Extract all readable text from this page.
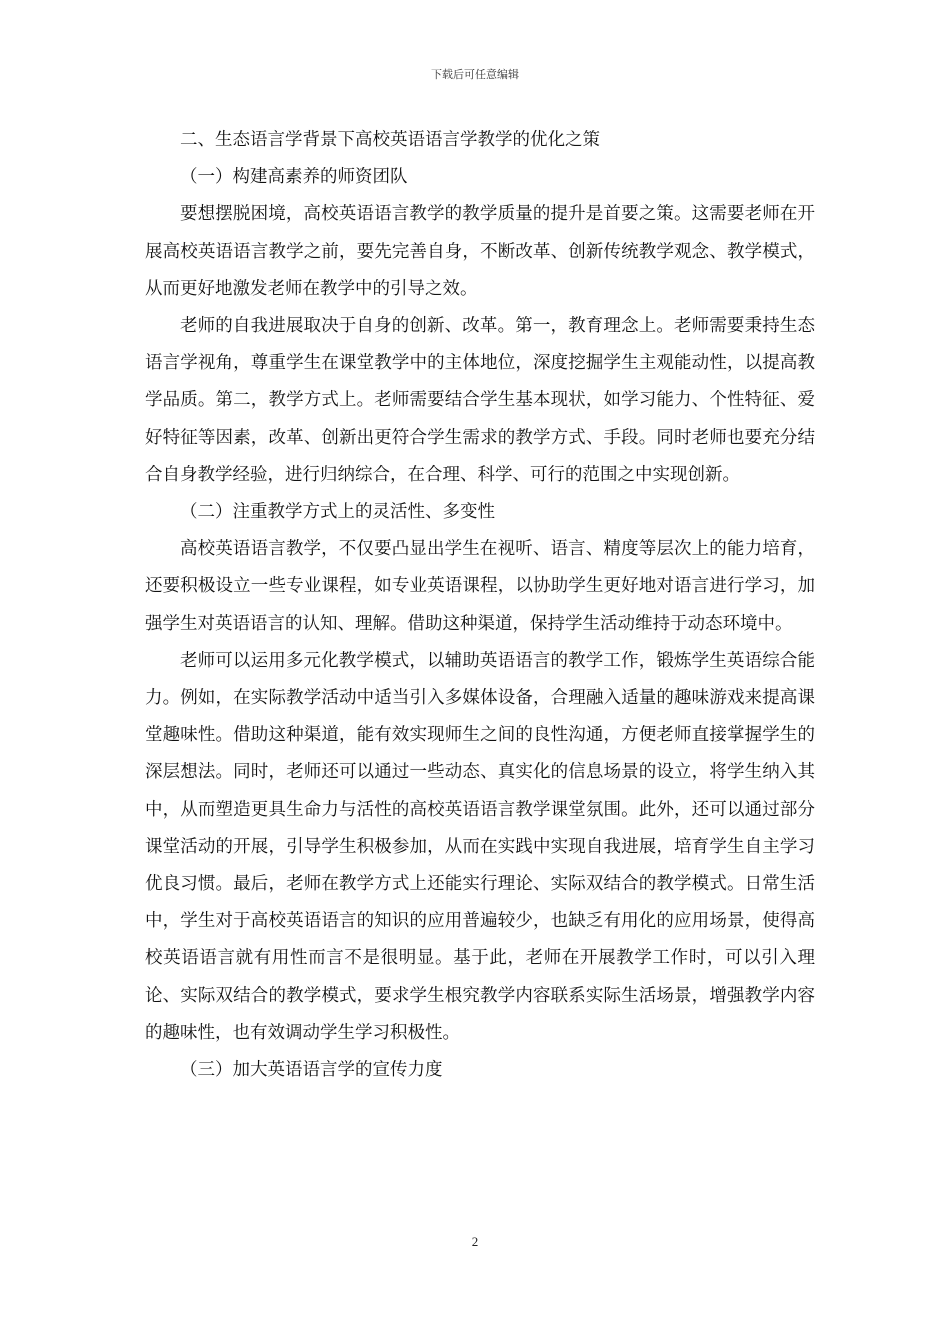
下载后可任意编辑

二、生态语言学背景下高校英语语言学教学的优化之策

（一）构建高素养的师资团队

要想摆脱困境，高校英语语言教学的教学质量的提升是首要之策。这需要老师在开展高校英语语言教学之前，要先完善自身，不断改革、创新传统教学观念、教学模式，从而更好地激发老师在教学中的引导之效。

老师的自我进展取决于自身的创新、改革。第一，教育理念上。老师需要秉持生态语言学视角，尊重学生在课堂教学中的主体地位，深度挖掘学生主观能动性，以提高教学品质。第二，教学方式上。老师需要结合学生基本现状，如学习能力、个性特征、爱好特征等因素，改革、创新出更符合学生需求的教学方式、手段。同时老师也要充分结合自身教学经验，进行归纳综合，在合理、科学、可行的范围之中实现创新。

（二）注重教学方式上的灵活性、多变性

高校英语语言教学，不仅要凸显出学生在视听、语言、精度等层次上的能力培育，还要积极设立一些专业课程，如专业英语课程，以协助学生更好地对语言进行学习，加强学生对英语语言的认知、理解。借助这种渠道，保持学生活动维持于动态环境中。

老师可以运用多元化教学模式，以辅助英语语言的教学工作，锻炼学生英语综合能力。例如，在实际教学活动中适当引入多媒体设备，合理融入适量的趣味游戏来提高课堂趣味性。借助这种渠道，能有效实现师生之间的良性沟通，方便老师直接掌握学生的深层想法。同时，老师还可以通过一些动态、真实化的信息场景的设立，将学生纳入其中，从而塑造更具生命力与活性的高校英语语言教学课堂氛围。此外，还可以通过部分课堂活动的开展，引导学生积极参加，从而在实践中实现自我进展，培育学生自主学习优良习惯。最后，老师在教学方式上还能实行理论、实际双结合的教学模式。日常生活中，学生对于高校英语语言的知识的应用普遍较少，也缺乏有用化的应用场景，使得高校英语语言就有用性而言不是很明显。基于此，老师在开展教学工作时，可以引入理论、实际双结合的教学模式，要求学生根究教学内容联系实际生活场景，增强教学内容的趣味性，也有效调动学生学习积极性。

（三）加大英语语言学的宣传力度

2
